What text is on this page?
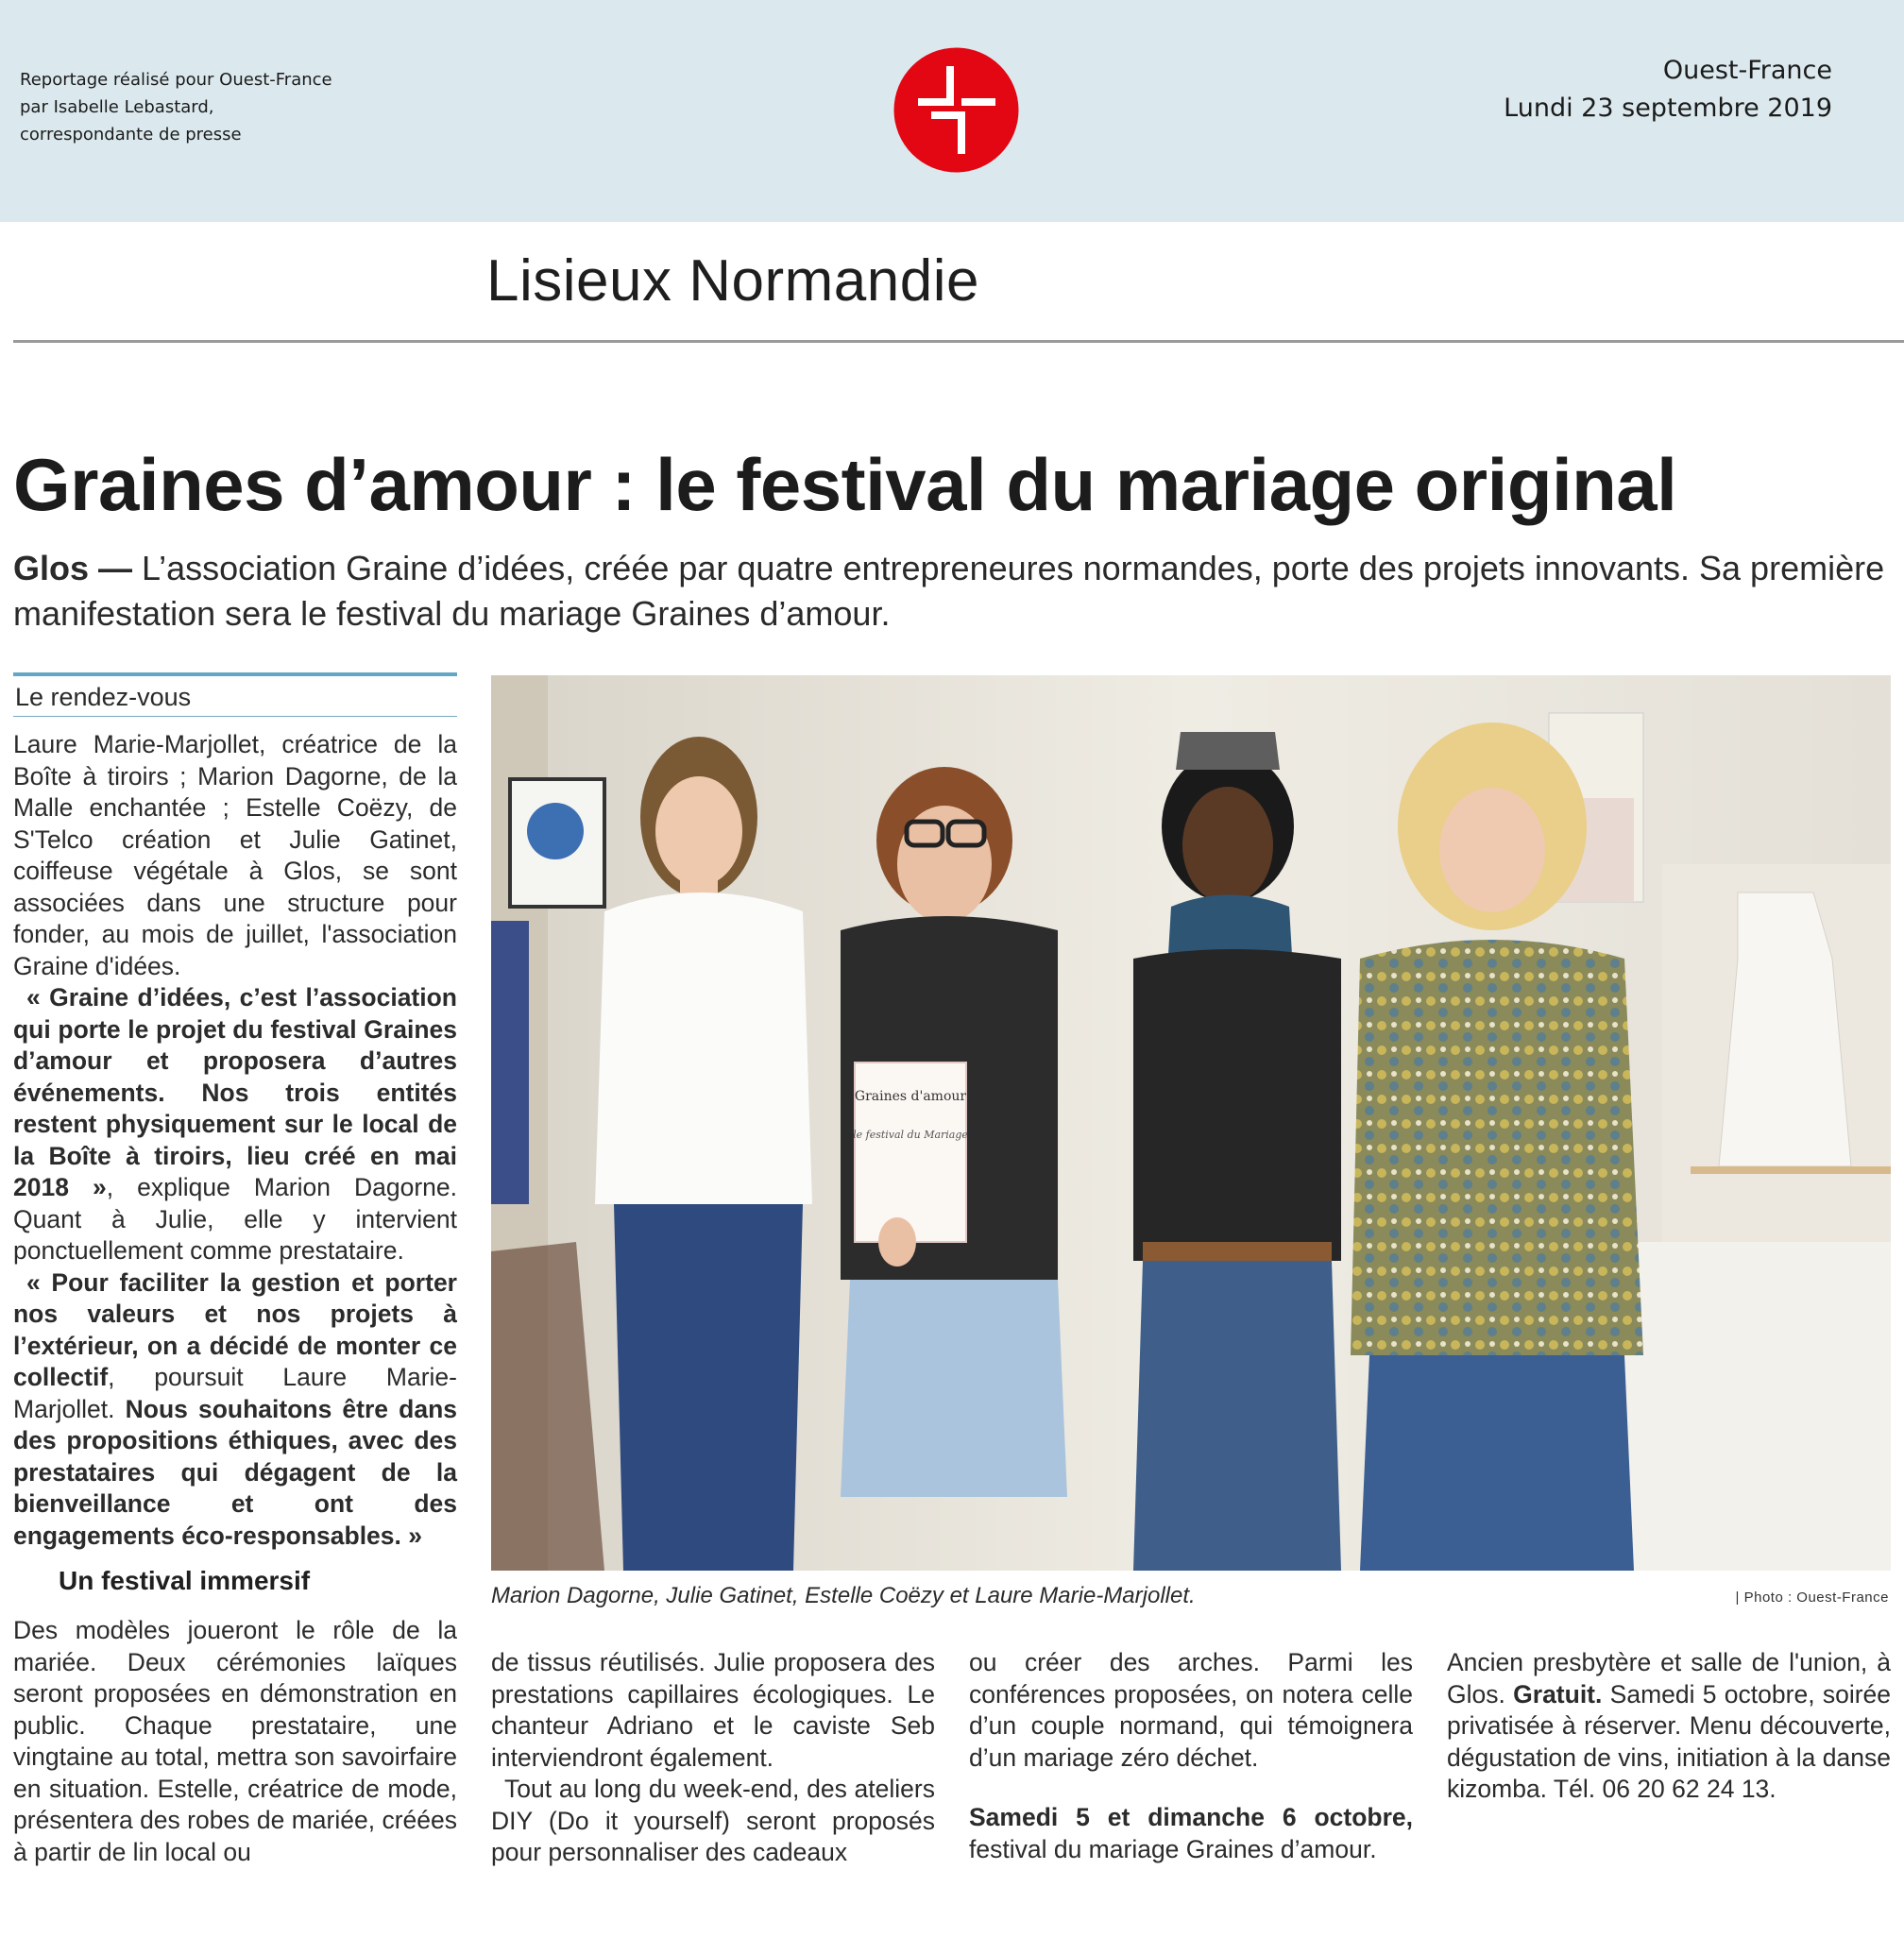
Reportage réalisé pour Ouest-France
par Isabelle Lebastard,
correspondante de presse
Ouest-France
Lundi 23 septembre 2019
Lisieux Normandie
Graines d’amour : le festival du mariage original
Glos — L’association Graine d’idées, créée par quatre entrepreneures normandes, porte des projets innovants. Sa première manifestation sera le festival du mariage Graines d’amour.
Le rendez-vous

Laure Marie-Marjollet, créatrice de la Boîte à tiroirs ; Marion Dagorne, de la Malle enchantée ; Estelle Coëzy, de S'Telco création et Julie Gatinet, coiffeuse végétale à Glos, se sont associées dans une structure pour fonder, au mois de juillet, l'association Graine d'idées.

« Graine d’idées, c’est l’association qui porte le projet du festival Graines d’amour et proposera d’autres événements. Nos trois entités restent physiquement sur le local de la Boîte à tiroirs, lieu créé en mai 2018 », explique Marion Dagorne. Quant à Julie, elle y intervient ponctuellement comme prestataire.

« Pour faciliter la gestion et porter nos valeurs et nos projets à l’extérieur, on a décidé de monter ce collectif, poursuit Laure Marie-Marjollet. Nous souhaitons être dans des propositions éthiques, avec des prestataires qui dégagent de la bienveillance et ont des engagements éco-responsables. »

Un festival immersif

Des modèles joueront le rôle de la mariée. Deux cérémonies laïques seront proposées en démonstration en public. Chaque prestataire, une vingtaine au total, mettra son savoirfaire en situation. Estelle, créatrice de mode, présentera des robes de mariée, créées à partir de lin local ou

Graines d'amour
le festival du Mariage
Marion Dagorne, Julie Gatinet, Estelle Coëzy et Laure Marie-Marjollet.	| Photo : Ouest-France

de tissus réutilisés. Julie proposera des prestations capillaires écologiques. Le chanteur Adriano et le caviste Seb interviendront également.

Tout au long du week-end, des ateliers DIY (Do it yourself) seront proposés pour personnaliser des cadeaux

ou créer des arches. Parmi les conférences proposées, on notera celle d’un couple normand, qui témoignera d’un mariage zéro déchet.

Samedi 5 et dimanche 6 octobre, festival du mariage Graines d’amour.

Ancien presbytère et salle de l'union, à Glos. Gratuit. Samedi 5 octobre, soirée privatisée à réserver. Menu découverte, dégustation de vins, initiation à la danse kizomba. Tél. 06 20 62 24 13.
